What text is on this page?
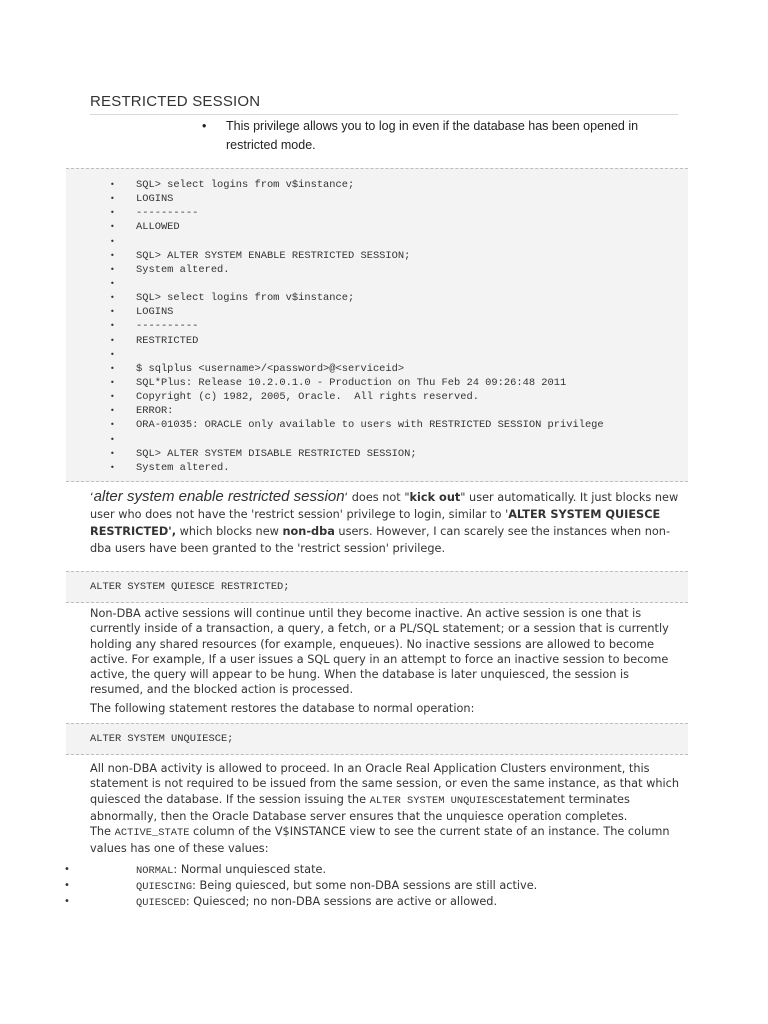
RESTRICTED SESSION
• This privilege allows you to log in even if the database has been opened in restricted mode.
• SQL> select logins from v$instance;
• LOGINS
• ----------
• ALLOWED
•
• SQL> ALTER SYSTEM ENABLE RESTRICTED SESSION;
• System altered.
•
• SQL> select logins from v$instance;
• LOGINS
• ----------
• RESTRICTED
•
• $ sqlplus <username>/<password>@<serviceid>
• SQL*Plus: Release 10.2.0.1.0 - Production on Thu Feb 24 09:26:48 2011
• Copyright (c) 1982, 2005, Oracle.  All rights reserved.
• ERROR:
• ORA-01035: ORACLE only available to users with RESTRICTED SESSION privilege
•
• SQL> ALTER SYSTEM DISABLE RESTRICTED SESSION;
• System altered.
‘alter system enable restricted session‘ does not "kick out" user automatically. It just blocks new user who does not have the 'restrict session' privilege to login, similar to 'ALTER SYSTEM QUIESCE RESTRICTED', which blocks new non-dba users. However, I can scarely see the instances when non-dba users have been granted to the 'restrict session' privilege.
ALTER SYSTEM QUIESCE RESTRICTED;
Non-DBA active sessions will continue until they become inactive. An active session is one that is currently inside of a transaction, a query, a fetch, or a PL/SQL statement; or a session that is currently holding any shared resources (for example, enqueues). No inactive sessions are allowed to become active. For example, If a user issues a SQL query in an attempt to force an inactive session to become active, the query will appear to be hung. When the database is later unquiesced, the session is resumed, and the blocked action is processed.
The following statement restores the database to normal operation:
ALTER SYSTEM UNQUIESCE;
All non-DBA activity is allowed to proceed. In an Oracle Real Application Clusters environment, this statement is not required to be issued from the same session, or even the same instance, as that which quiesced the database. If the session issuing the ALTER SYSTEM UNQUIESCEstatement terminates abnormally, then the Oracle Database server ensures that the unquiesce operation completes.
The ACTIVE_STATE column of the V$INSTANCE view to see the current state of an instance. The column values has one of these values:
•	NORMAL: Normal unquiesced state.
•	QUIESCING: Being quiesced, but some non-DBA sessions are still active.
•	QUIESCED: Quiesced; no non-DBA sessions are active or allowed.
